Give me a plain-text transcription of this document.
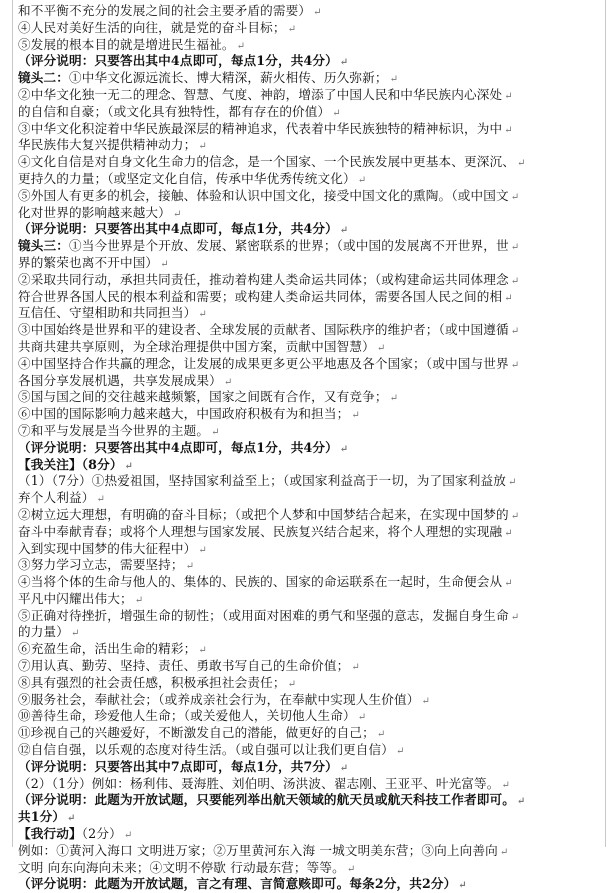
和不平衡不充分的发展之间的社会主要矛盾的需要） ↵
④人民对美好生活的向往，就是党的奋斗目标； ↵
⑤发展的根本目的就是增进民生福祉。 ↵
（评分说明：只要答出其中4点即可，每点1分，共4分） ↵
镜头二：①中华文化源远流长、博大精深，薪火相传、历久弥新； ↵
②中华文化独一无二的理念、智慧、气度、神韵，增添了中国人民和中华民族内心深处 ↵
的自信和自豪；（或文化具有独特性，都有存在的价值） ↵
③中华文化积淀着中华民族最深层的精神追求，代表着中华民族独特的精神标识，为中 ↵
华民族伟大复兴提供精神动力； ↵
④文化自信是对自身文化生命力的信念，是一个国家、一个民族发展中更基本、更深沉、 ↵
更持久的力量；（或坚定文化自信，传承中华优秀传统文化） ↵
⑤外国人有更多的机会，接触、体验和认识中国文化，接受中国文化的熏陶。（或中国文 ↵
化对世界的影响越来越大） ↵
（评分说明：只要答出其中4点即可，每点1分，共4分） ↵
镜头三：①当今世界是个开放、发展、紧密联系的世界；（或中国的发展离不开世界，世 ↵
界的繁荣也离不开中国） ↵
②采取共同行动，承担共同责任，推动着构建人类命运共同体；（或构建命运共同体理念 ↵
符合世界各国人民的根本利益和需要；或构建人类命运共同体，需要各国人民之间的相 ↵
互信任、守望相助和共同担当） ↵
③中国始终是世界和平的建设者、全球发展的贡献者、国际秩序的维护者；（或中国遵循 ↵
共商共建共享原则，为全球治理提供中国方案，贡献中国智慧） ↵
④中国坚持合作共赢的理念，让发展的成果更多更公平地惠及各个国家；（或中国与世界 ↵
各国分享发展机遇，共享发展成果） ↵
⑤国与国之间的交往越来越频繁，国家之间既有合作，又有竞争； ↵
⑥中国的国际影响力越来越大，中国政府积极有为和担当； ↵
⑦和平与发展是当今世界的主题。 ↵
（评分说明：只要答出其中4点即可，每点1分，共4分） ↵
【我关注】（8分） ↵
（1）（7分）①热爱祖国，坚持国家利益至上；（或国家利益高于一切，为了国家利益放 ↵
弃个人利益） ↵
②树立远大理想，有明确的奋斗目标；（或把个人梦和中国梦结合起来，在实现中国梦的 ↵
奋斗中奉献青春；或将个人理想与国家发展、民族复兴结合起来，将个人理想的实现融 ↵
入到实现中国梦的伟大征程中） ↵
③努力学习立志，需要坚持； ↵
④当将个体的生命与他人的、集体的、民族的、国家的命运联系在一起时，生命便会从 ↵
平凡中闪耀出伟大； ↵
⑤正确对待挫折，增强生命的韧性；（或用面对困难的勇气和坚强的意志，发掘自身生命 ↵
的力量） ↵
⑥充盈生命，活出生命的精彩； ↵
⑦用认真、勤劳、坚持、责任、勇敢书写自己的生命价值； ↵
⑧具有强烈的社会责任感，积极承担社会责任； ↵
⑨服务社会，奉献社会；（或养成亲社会行为，在奉献中实现人生价值） ↵
⑩善待生命，珍爱他人生命；（或关爱他人，关切他人生命） ↵
⑪珍视自己的兴趣爱好，不断激发自己的潜能，做更好的自己； ↵
⑫自信自强，以乐观的态度对待生活。（或自强可以让我们更自信） ↵
（评分说明：只要答出其中7点即可，每点1分，共7分） ↵
（2）（1分）例如：杨利伟、聂海胜、刘伯明、汤洪波、翟志刚、王亚平、叶光富等。 ↵
（评分说明：此题为开放试题，只要能列举出航天领域的航天员或航天科技工作者即可。 ↵
共1分） ↵
【我行动】（2分） ↵
例如：①黄河入海口 文明进万家；②万里黄河东入海 一城文明美东营；③向上向善向 ↵
文明 向东向海向未来；④文明不停歇 行动最东营；等等。 ↵
（评分说明：此题为开放试题，言之有理、言简意赅即可。每条2分，共2分） ↵
